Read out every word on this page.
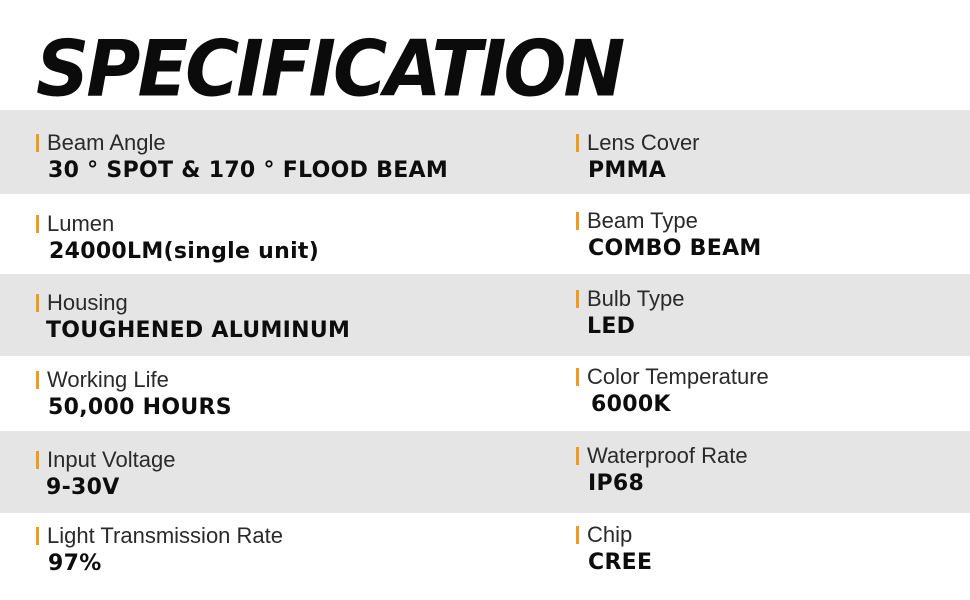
SPECIFICATION
Beam Angle
30 ° SPOT & 170 ° FLOOD BEAM
Lumen
24000LM(single unit)
Housing
TOUGHENED ALUMINUM
Working Life
50,000 HOURS
Input Voltage
9-30V
Light Transmission Rate
97%
Lens Cover
PMMA
Beam Type
COMBO BEAM
Bulb Type
LED
Color Temperature
6000K
Waterproof Rate
IP68
Chip
CREE
